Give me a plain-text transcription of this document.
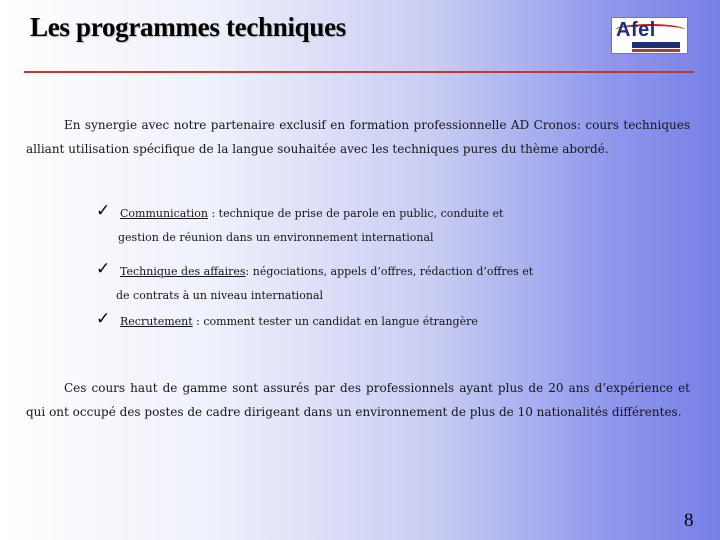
Les programmes techniques	Afel
En synergie avec notre partenaire exclusif en formation professionnelle AD Cronos: cours techniques alliant utilisation spécifique de la langue souhaitée avec les techniques pures du thème abordé.
✓ Communication : technique de prise de parole en public, conduite et
gestion de réunion dans un environnement international
✓ Technique des affaires: négociations, appels d’offres, rédaction d’offres et
de contrats à un niveau international
✓ Recrutement : comment tester un candidat en langue étrangère
Ces cours haut de gamme sont assurés par des professionnels ayant plus de 20 ans d’expérience et qui ont occupé des postes de cadre dirigeant dans un environnement de plus de 10 nationalités différentes.
8
